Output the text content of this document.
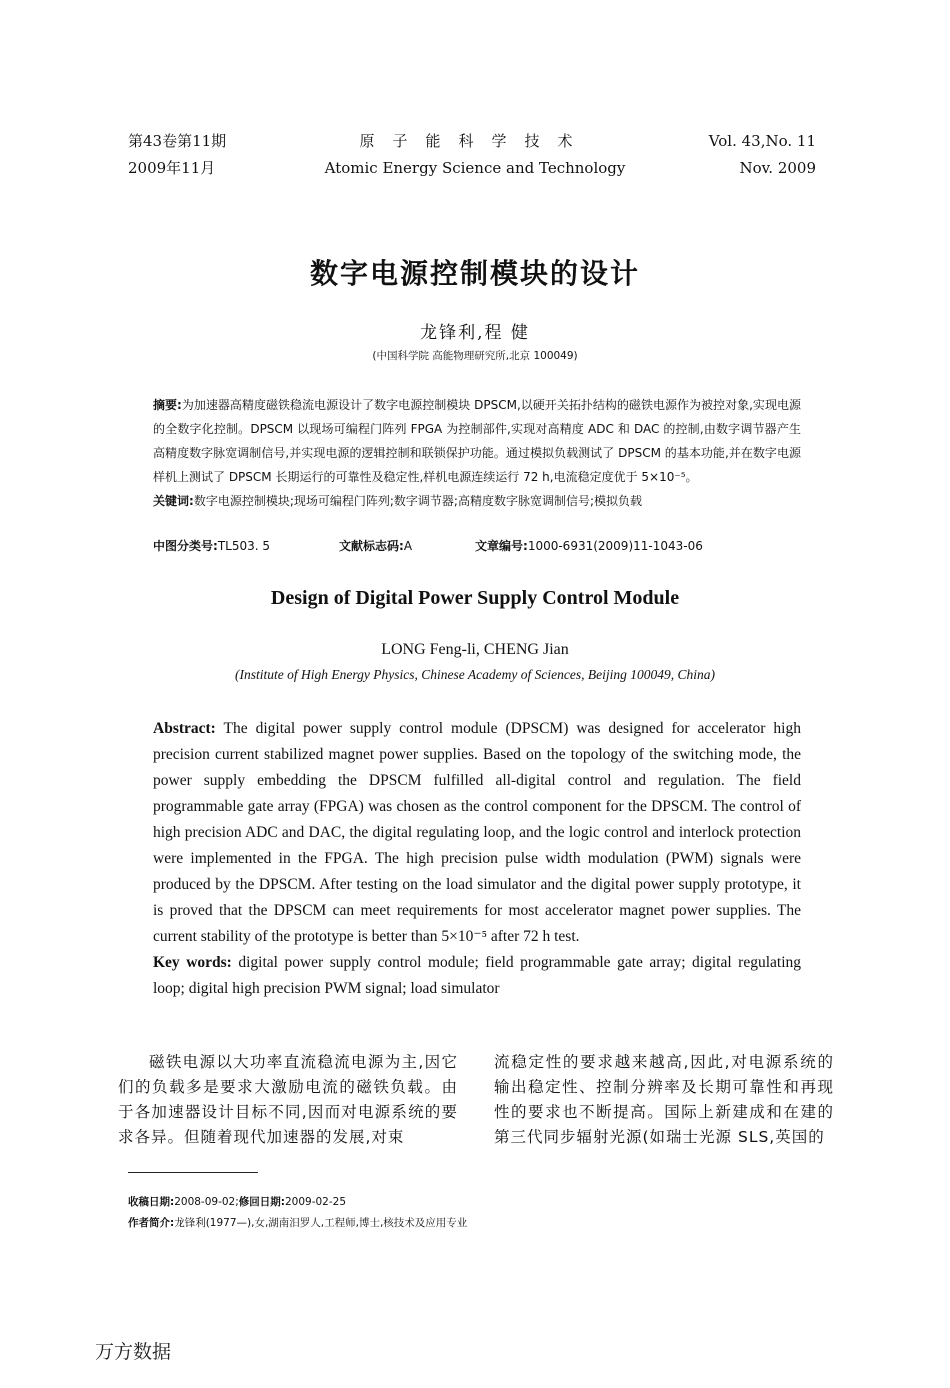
第43卷第11期
2009年11月
原子能科学技术
Atomic Energy Science and Technology
Vol. 43,No. 11
Nov. 2009
数字电源控制模块的设计
龙锋利,程 健
(中国科学院 高能物理研究所,北京 100049)
摘要:为加速器高精度磁铁稳流电源设计了数字电源控制模块 DPSCM,以硬开关拓扑结构的磁铁电源作为被控对象,实现电源的全数字化控制。DPSCM 以现场可编程门阵列 FPGA 为控制部件,实现对高精度 ADC 和 DAC 的控制,由数字调节器产生高精度数字脉宽调制信号,并实现电源的逻辑控制和联锁保护功能。通过模拟负载测试了 DPSCM 的基本功能,并在数字电源样机上测试了 DPSCM 长期运行的可靠性及稳定性,样机电源连续运行 72 h,电流稳定度优于 5×10⁻⁵。
关键词:数字电源控制模块;现场可编程门阵列;数字调节器;高精度数字脉宽调制信号;模拟负载
中图分类号:TL503. 5	文献标志码:A	文章编号:1000-6931(2009)11-1043-06
Design of Digital Power Supply Control Module
LONG Feng-li, CHENG Jian
(Institute of High Energy Physics, Chinese Academy of Sciences, Beijing 100049, China)
Abstract: The digital power supply control module (DPSCM) was designed for accelerator high precision current stabilized magnet power supplies. Based on the topology of the switching mode, the power supply embedding the DPSCM fulfilled all-digital control and regulation. The field programmable gate array (FPGA) was chosen as the control component for the DPSCM. The control of high precision ADC and DAC, the digital regulating loop, and the logic control and interlock protection were implemented in the FPGA. The high precision pulse width modulation (PWM) signals were produced by the DPSCM. After testing on the load simulator and the digital power supply prototype, it is proved that the DPSCM can meet requirements for most accelerator magnet power supplies. The current stability of the prototype is better than 5×10⁻⁵ after 72 h test.
Key words: digital power supply control module; field programmable gate array; digital regulating loop; digital high precision PWM signal; load simulator
磁铁电源以大功率直流稳流电源为主,因它们的负载多是要求大激励电流的磁铁负载。由于各加速器设计目标不同,因而对电源系统的要求各异。但随着现代加速器的发展,对束
流稳定性的要求越来越高,因此,对电源系统的输出稳定性、控制分辨率及长期可靠性和再现性的要求也不断提高。国际上新建成和在建的第三代同步辐射光源(如瑞士光源 SLS,英国的
收稿日期:2008-09-02;修回日期:2009-02-25
作者简介:龙锋利(1977—),女,湖南汨罗人,工程师,博士,核技术及应用专业
万方数据
